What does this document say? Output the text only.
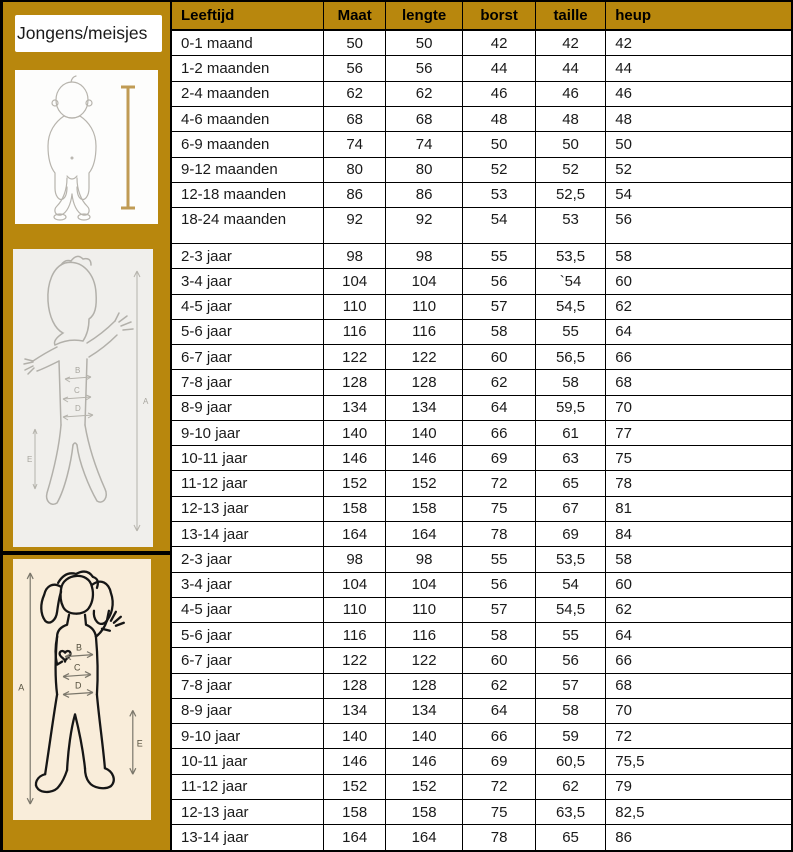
Jongens/meisjes
A
B
C
D
E
A
B
C
D
E
Leeftijd	Maat	lengte	borst	taille	heup
0-1 maand	50	50	42	42	42
1-2 maanden	56	56	44	44	44
2-4 maanden	62	62	46	46	46
4-6 maanden	68	68	48	48	48
6-9 maanden	74	74	50	50	50
9-12 maanden	80	80	52	52	52
12-18 maanden	86	86	53	52,5	54
18-24 maanden	92	92	54	53	56
2-3 jaar	98	98	55	53,5	58
3-4 jaar	104	104	56	`54	60
4-5 jaar	110	110	57	54,5	62
5-6 jaar	116	116	58	55	64
6-7 jaar	122	122	60	56,5	66
7-8 jaar	128	128	62	58	68
8-9 jaar	134	134	64	59,5	70
9-10 jaar	140	140	66	61	77
10-11 jaar	146	146	69	63	75
11-12 jaar	152	152	72	65	78
12-13 jaar	158	158	75	67	81
13-14 jaar	164	164	78	69	84
2-3 jaar	98	98	55	53,5	58
3-4 jaar	104	104	56	54	60
4-5 jaar	110	110	57	54,5	62
5-6 jaar	116	116	58	55	64
6-7 jaar	122	122	60	56	66
7-8 jaar	128	128	62	57	68
8-9 jaar	134	134	64	58	70
9-10 jaar	140	140	66	59	72
10-11 jaar	146	146	69	60,5	75,5
11-12 jaar	152	152	72	62	79
12-13 jaar	158	158	75	63,5	82,5
13-14 jaar	164	164	78	65	86
